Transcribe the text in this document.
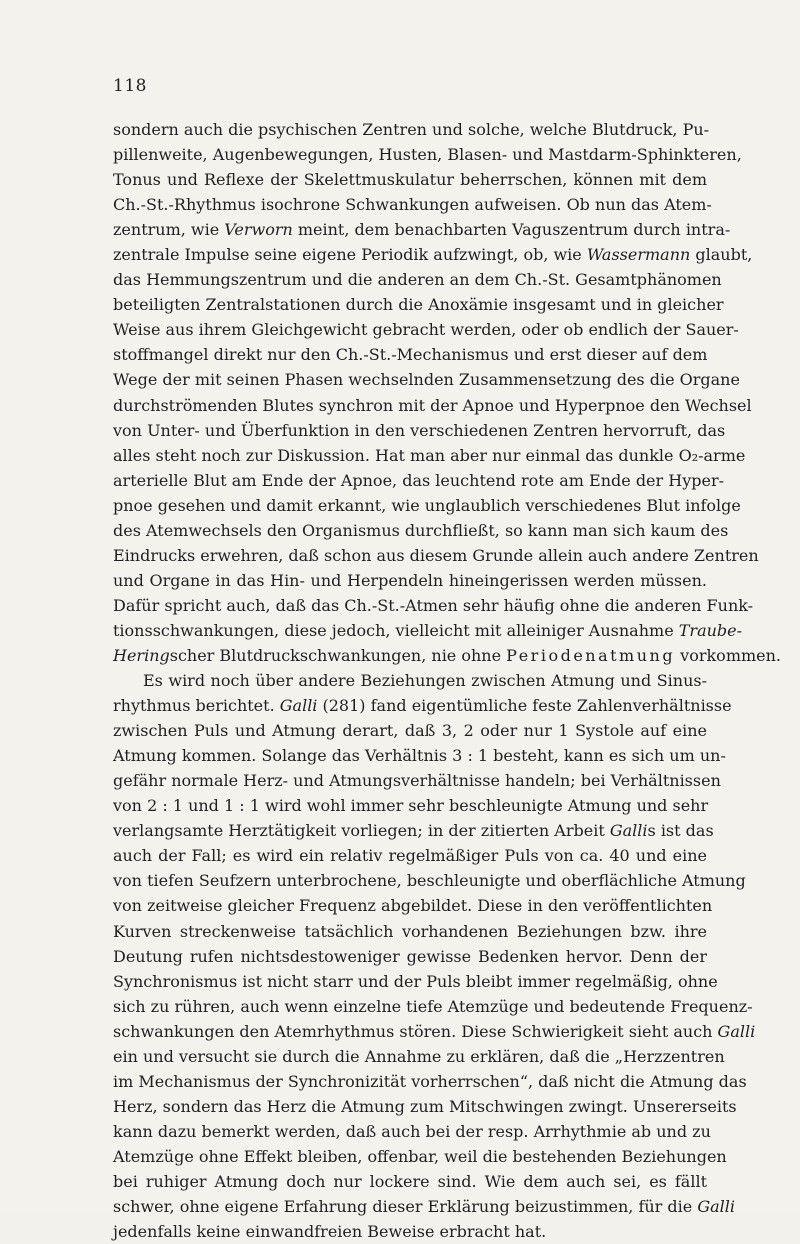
118
sondern auch die psychischen Zentren und solche, welche Blutdruck, Pu-
pillenweite, Augenbewegungen, Husten, Blasen- und Mastdarm-Sphinkteren,
Tonus und Reflexe der Skelettmuskulatur beherrschen, können mit dem
Ch.-St.-Rhythmus isochrone Schwankungen aufweisen. Ob nun das Atem-
zentrum, wie Verworn meint, dem benachbarten Vaguszentrum durch intra-
zentrale Impulse seine eigene Periodik aufzwingt, ob, wie Wassermann glaubt,
das Hemmungszentrum und die anderen an dem Ch.-St. Gesamtphänomen
beteiligten Zentralstationen durch die Anoxämie insgesamt und in gleicher
Weise aus ihrem Gleichgewicht gebracht werden, oder ob endlich der Sauer-
stoffmangel direkt nur den Ch.-St.-Mechanismus und erst dieser auf dem
Wege der mit seinen Phasen wechselnden Zusammensetzung des die Organe
durchströmenden Blutes synchron mit der Apnoe und Hyperpnoe den Wechsel
von Unter- und Überfunktion in den verschiedenen Zentren hervorruft, das
alles steht noch zur Diskussion. Hat man aber nur einmal das dunkle O₂-arme
arterielle Blut am Ende der Apnoe, das leuchtend rote am Ende der Hyper-
pnoe gesehen und damit erkannt, wie unglaublich verschiedenes Blut infolge
des Atemwechsels den Organismus durchfließt, so kann man sich kaum des
Eindrucks erwehren, daß schon aus diesem Grunde allein auch andere Zentren
und Organe in das Hin- und Herpendeln hineingerissen werden müssen.
Dafür spricht auch, daß das Ch.-St.-Atmen sehr häufig ohne die anderen Funk-
tionsschwankungen, diese jedoch, vielleicht mit alleiniger Ausnahme Traube-
Heringscher Blutdruckschwankungen, nie ohne Periodenatmung vorkommen.
Es wird noch über andere Beziehungen zwischen Atmung und Sinus-
rhythmus berichtet. Galli (281) fand eigentümliche feste Zahlenverhältnisse
zwischen Puls und Atmung derart, daß 3, 2 oder nur 1 Systole auf eine
Atmung kommen. Solange das Verhältnis 3 : 1 besteht, kann es sich um un-
gefähr normale Herz- und Atmungsverhältnisse handeln; bei Verhältnissen
von 2 : 1 und 1 : 1 wird wohl immer sehr beschleunigte Atmung und sehr
verlangsamte Herztätigkeit vorliegen; in der zitierten Arbeit Gallis ist das
auch der Fall; es wird ein relativ regelmäßiger Puls von ca. 40 und eine
von tiefen Seufzern unterbrochene, beschleunigte und oberflächliche Atmung
von zeitweise gleicher Frequenz abgebildet. Diese in den veröffentlichten
Kurven streckenweise tatsächlich vorhandenen Beziehungen bzw. ihre
Deutung rufen nichtsdestoweniger gewisse Bedenken hervor. Denn der
Synchronismus ist nicht starr und der Puls bleibt immer regelmäßig, ohne
sich zu rühren, auch wenn einzelne tiefe Atemzüge und bedeutende Frequenz-
schwankungen den Atemrhythmus stören. Diese Schwierigkeit sieht auch Galli
ein und versucht sie durch die Annahme zu erklären, daß die „Herzzentren
im Mechanismus der Synchronizität vorherrschen“, daß nicht die Atmung das
Herz, sondern das Herz die Atmung zum Mitschwingen zwingt. Unsererseits
kann dazu bemerkt werden, daß auch bei der resp. Arrhythmie ab und zu
Atemzüge ohne Effekt bleiben, offenbar, weil die bestehenden Beziehungen
bei ruhiger Atmung doch nur lockere sind. Wie dem auch sei, es fällt
schwer, ohne eigene Erfahrung dieser Erklärung beizustimmen, für die Galli
jedenfalls keine einwandfreien Beweise erbracht hat.
